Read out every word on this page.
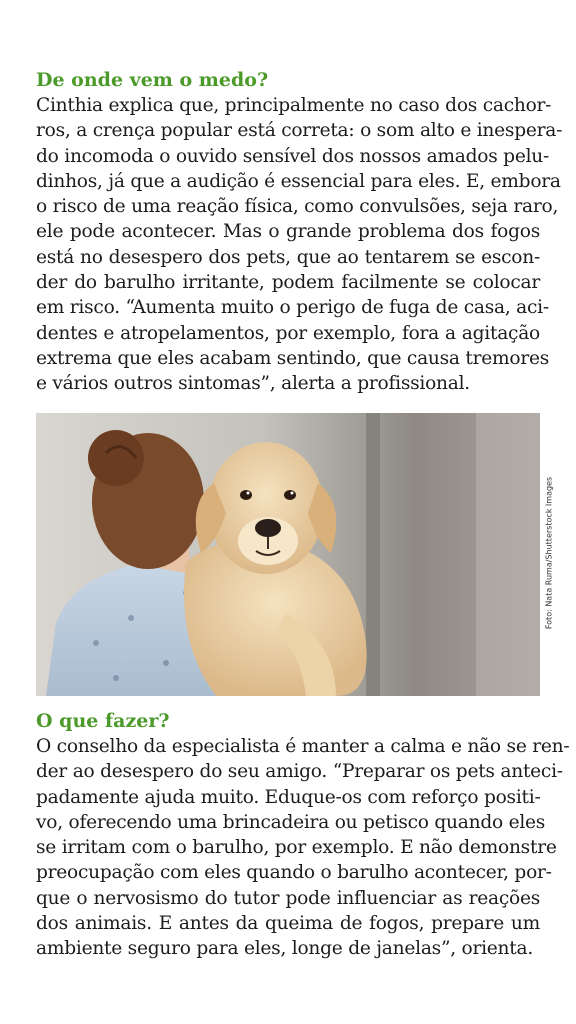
De onde vem o medo?
Cinthia explica que, principalmente no caso dos cachor-
ros, a crença popular está correta: o som alto e inespera-
do incomoda o ouvido sensível dos nossos amados pelu-
dinhos, já que a audição é essencial para eles. E, embora
o risco de uma reação física, como convulsões, seja raro,
ele pode acontecer. Mas o grande problema dos fogos
está no desespero dos pets, que ao tentarem se escon-
der do barulho irritante, podem facilmente se colocar
em risco. “Aumenta muito o perigo de fuga de casa, aci-
dentes e atropelamentos, por exemplo, fora a agitação
extrema que eles acabam sentindo, que causa tremores
e vários outros sintomas”, alerta a profissional.
Foto: Nata Ruma/Shutterstock Images
O que fazer?
O conselho da especialista é manter a calma e não se ren-
der ao desespero do seu amigo. “Preparar os pets anteci-
padamente ajuda muito. Eduque-os com reforço positi-
vo, oferecendo uma brincadeira ou petisco quando eles
se irritam com o barulho, por exemplo. E não demonstre
preocupação com eles quando o barulho acontecer, por-
que o nervosismo do tutor pode influenciar as reações
dos animais. E antes da queima de fogos, prepare um
ambiente seguro para eles, longe de janelas”, orienta.
